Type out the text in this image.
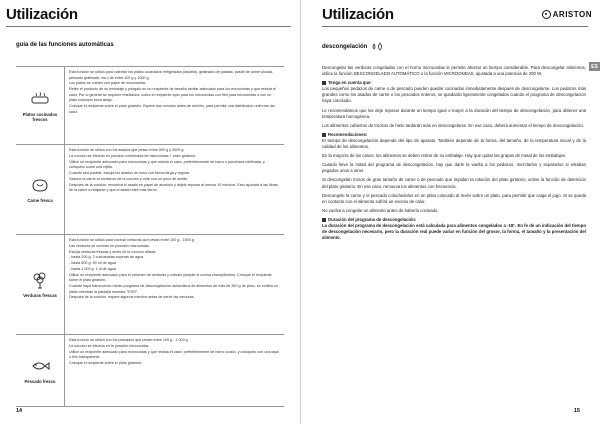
Utilización
guía de las funciones automáticas
Platos cocinados frescos

Esta función se utiliza para calentar los platos cocinados refrigerados (lasañas, gratinado de patatas, pastel de carne picada, pescado gratinado, etc.) de entre 100 g y 1000 g.

Los platos se cubren con papel de microondas.

Retire el producto de su embalaje y póngalo en un recipiente de tamaño similar adecuado para los microondas y que resista el calor. Por lo general se requiere resultados, cubra el recipiente apto para los microondas con film para microondas o con un plato colocado boca abajo.

Coloque el recipiente sobre el plato giratorio. Espere dos minutos antes de servirlo, para permitir una distribución uniforme del calor.

Carne fresca

Esta función se utiliza con los asados que pesan entre 500 g y 2000 g.

La cocción se efectúa en posición combinada de microondas + calor giratorio.

Utilice un recipiente adecuado para microondas y que resista el calor, preferiblemente de barro o porcelana vitrificada, y colóquelo sobre una rejilla.

Cuando sea posible, escoja los asados de lomo con forma larga y regular.

Sazone la carne al comienzo de la cocción y unte con un poco de aceite.

Después de la cocción, envuelva el asado en papel de aluminio y déjelo reposar al menos 10 minutos. Esto ayudará a las fibras de la carne a relajarse y que el asado esté más tierno.

Verduras frescas

Esta función se utiliza para cocinar verduras que pesan entre 100 g - 1000 g.

Las verduras se cocinan en posición microondas.

Escoja verduras frescas y antes de la cocción añada:

- hasta 200 g: 2 cucharadas soperas de agua

- hasta 500 g: 50 ml de agua

- hasta 1 000 g: 1 dl de agua

Utilice un recipiente adecuado para el volumen de verduras y cúbralo (acepte si cocina champiñones). Coloque el recipiente sobre el plato giratorio.

Cuando haya transcurrido medio programa de descongelación automática de alimentos de más de 350 g de peso, se emitirá un pitido mientras la pantalla muestra "STIR".

Después de la cocción, espere algunos minutos antes de servir las verduras.

Pescado fresco

Esta función se utiliza con los pescados que pesan entre 100 g - 1 000 g.

La cocción se efectúa en la posición microondas.

Utilice un recipiente adecuado para microondas y que resista el calor, preferiblemente de barro cocido, y colóquelo con una tapa o film transparente.

Coloque el recipiente sobre el plato giratorio.

14
Utilización	ARISTON
descongelación
ES

Descongelar las verduras congeladas con el horno microondas le permite ahorrar un tiempo considerable. Para descongelar alimentos, utilice la función DESCONGELADO AUTOMÁTICO o la función MICROONDAS, ajustada a una potencia de 200 W.

Tenga en cuenta que:

Los pequeños pedazos de carne o de pescado pueden quedar cocinados inmediatamente después de descongelarse. Los pedazos más grandes como los asados de carne o los pescados enteros, se quedarán ligeramente congelados cuando el programa de descongelación haya concluido.

Le recomendamos que los deje reposar durante un tiempo igual o mayor a la duración del tiempo de descongelación, para obtener una temperatura homogénea.

Los alimentos cubiertos de trocitos de hielo tardarán más en descongelarse. En ese caso, deberá aumentar el tiempo de descongelación.

Recomendaciones:

El tiempo de descongelación depende del tipo de aparato. También depende de la forma, del tamaño, de la temperatura inicial y de la calidad de los alimentos.

En la mayoría de los casos, los alimentos se deben retirar de su embalaje. Hay que quitar las grapas de metal de los embalajes.

Cuando lleve la mitad del programa de descongelación, hay que darle la vuelta a los pedazos, mezclarlos y separarlos si estaban pegados unos a otros.

Si descongelan trozos de gran tamaño de carne o de pescado que impidan la rotación del plato giratorio, active la función de detención del plato giratorio. En ese caso, remueva los alimentos con frecuencia.

Descongele la carne y el pescado colocándolos en un plato colocado al revés sobre un plato, para permitir que caiga el jugo. Si se queda en contacto con el alimento sufrirá un exceso de calor.

No vuelva a congelar un alimento antes de haberlo cocinado.

Duración del programa de descongelación:

La duración del programa de descongelación está calculada para alimentos congelados a -18°. En fe de un indicación del tiempo de descongelación necesario, pero la duración real puede variar en función del grosor, la forma, el tamaño y la presentación del alimento.

15
